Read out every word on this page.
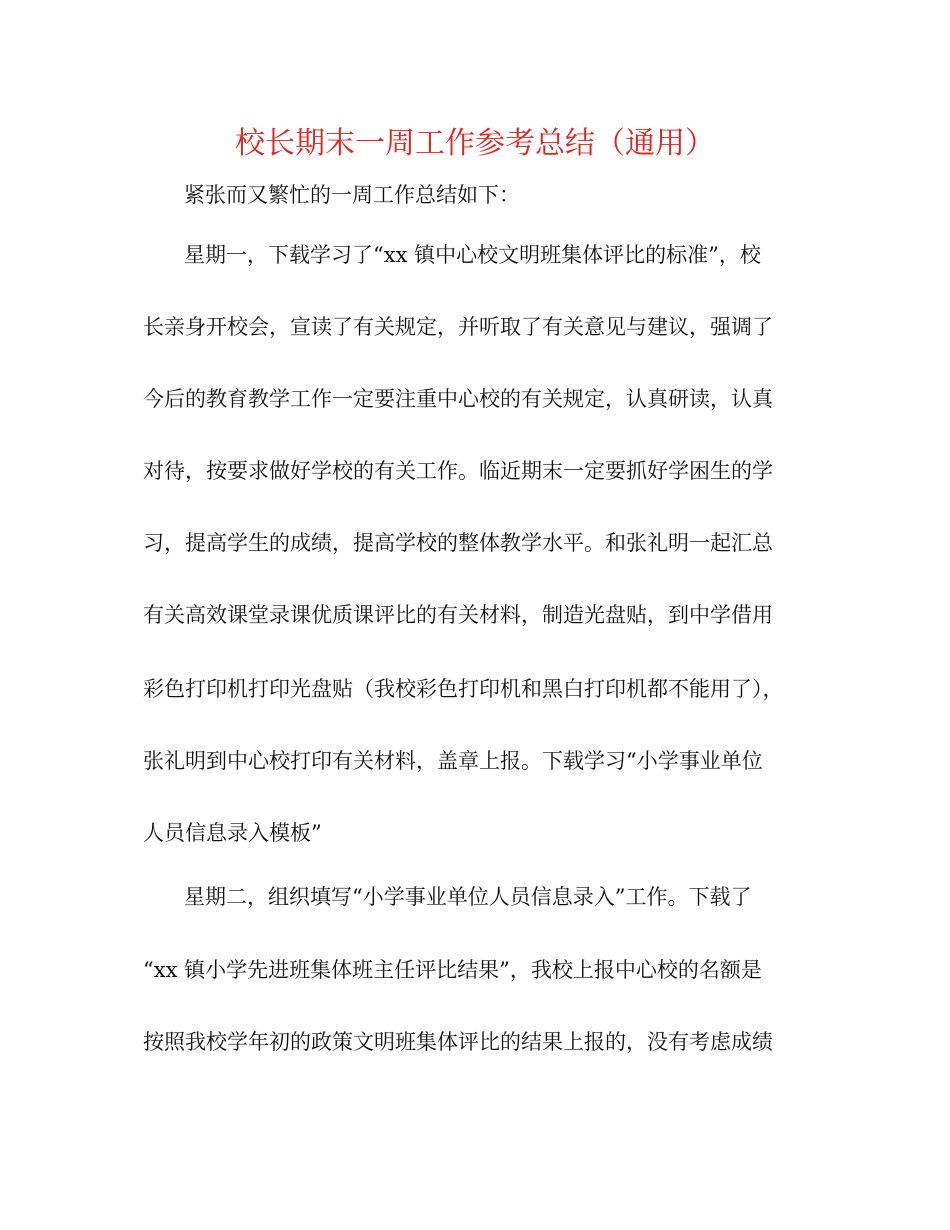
校长期末一周工作参考总结（通用）
紧张而又繁忙的一周工作总结如下：
星期一，下载学习了“xx 镇中心校文明班集体评比的标准”，校
长亲身开校会，宣读了有关规定，并听取了有关意见与建议，强调了
今后的教育教学工作一定要注重中心校的有关规定，认真研读，认真
对待，按要求做好学校的有关工作。临近期末一定要抓好学困生的学
习，提高学生的成绩，提高学校的整体教学水平。和张礼明一起汇总
有关高效课堂录课优质课评比的有关材料，制造光盘贴，到中学借用
彩色打印机打印光盘贴（我校彩色打印机和黑白打印机都不能用了），
张礼明到中心校打印有关材料，盖章上报。下载学习“小学事业单位
人员信息录入模板”
星期二，组织填写“小学事业单位人员信息录入”工作。下载了
“xx 镇小学先进班集体班主任评比结果”，我校上报中心校的名额是
按照我校学年初的政策文明班集体评比的结果上报的，没有考虑成绩
